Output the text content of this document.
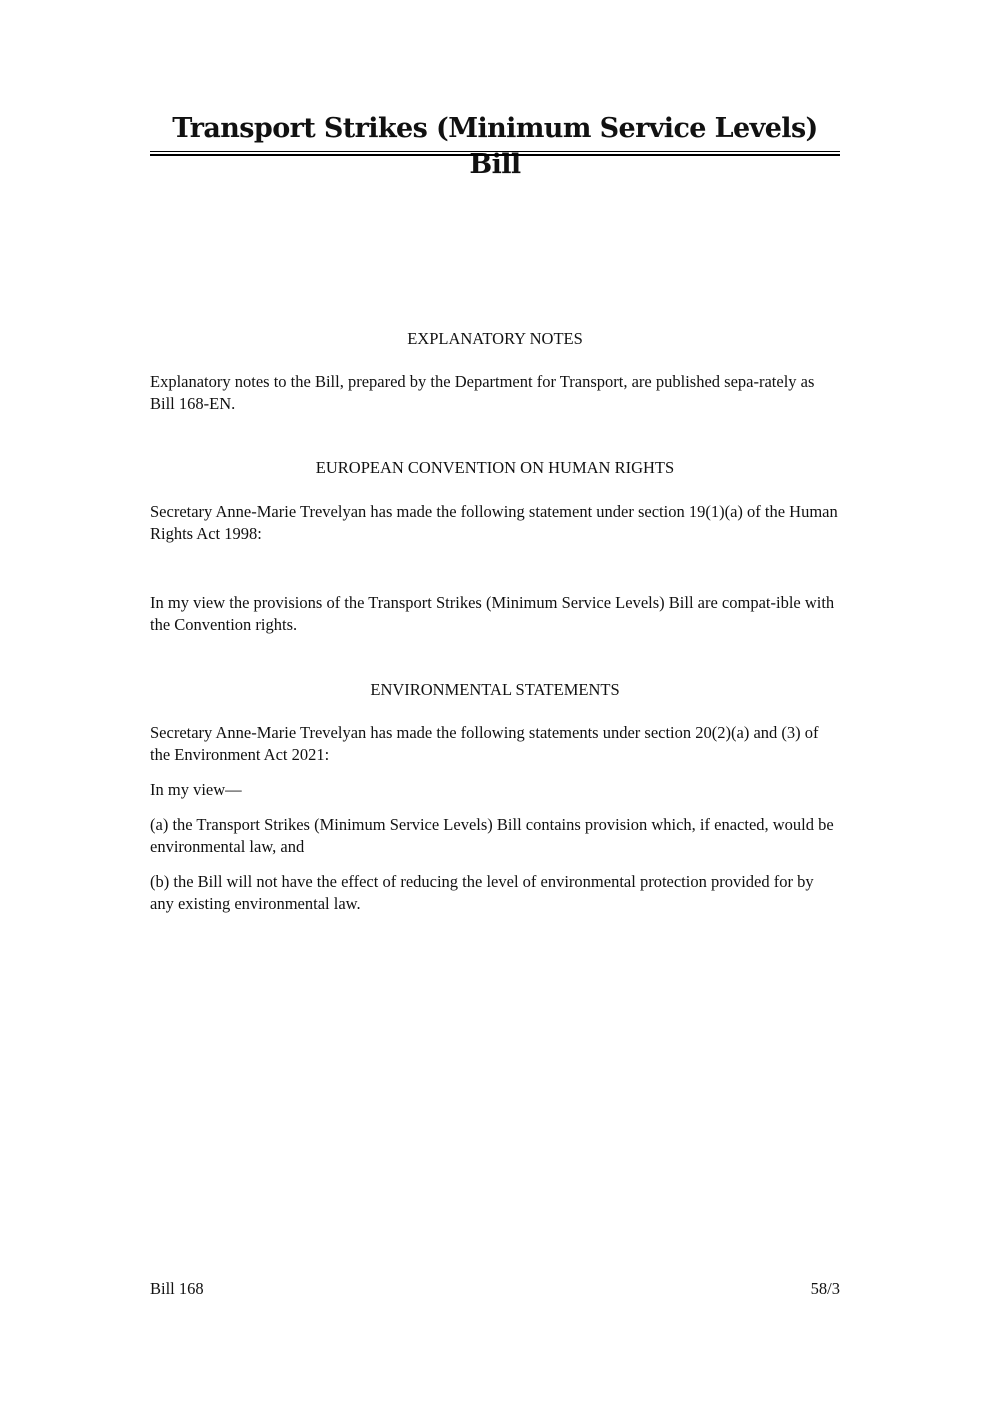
Transport Strikes (Minimum Service Levels) Bill
EXPLANATORY NOTES
Explanatory notes to the Bill, prepared by the Department for Transport, are published sepa-rately as Bill 168-EN.
EUROPEAN CONVENTION ON HUMAN RIGHTS
Secretary Anne-Marie Trevelyan has made the following statement under section 19(1)(a) of the Human Rights Act 1998:
In my view the provisions of the Transport Strikes (Minimum Service Levels) Bill are compat-ible with the Convention rights.
ENVIRONMENTAL STATEMENTS
Secretary Anne-Marie Trevelyan has made the following statements under section 20(2)(a) and (3) of the Environment Act 2021:
In my view—
(a) the Transport Strikes (Minimum Service Levels) Bill contains provision which, if enacted, would be environmental law, and
(b) the Bill will not have the effect of reducing the level of environmental protection provided for by any existing environmental law.
Bill 168	58/3
